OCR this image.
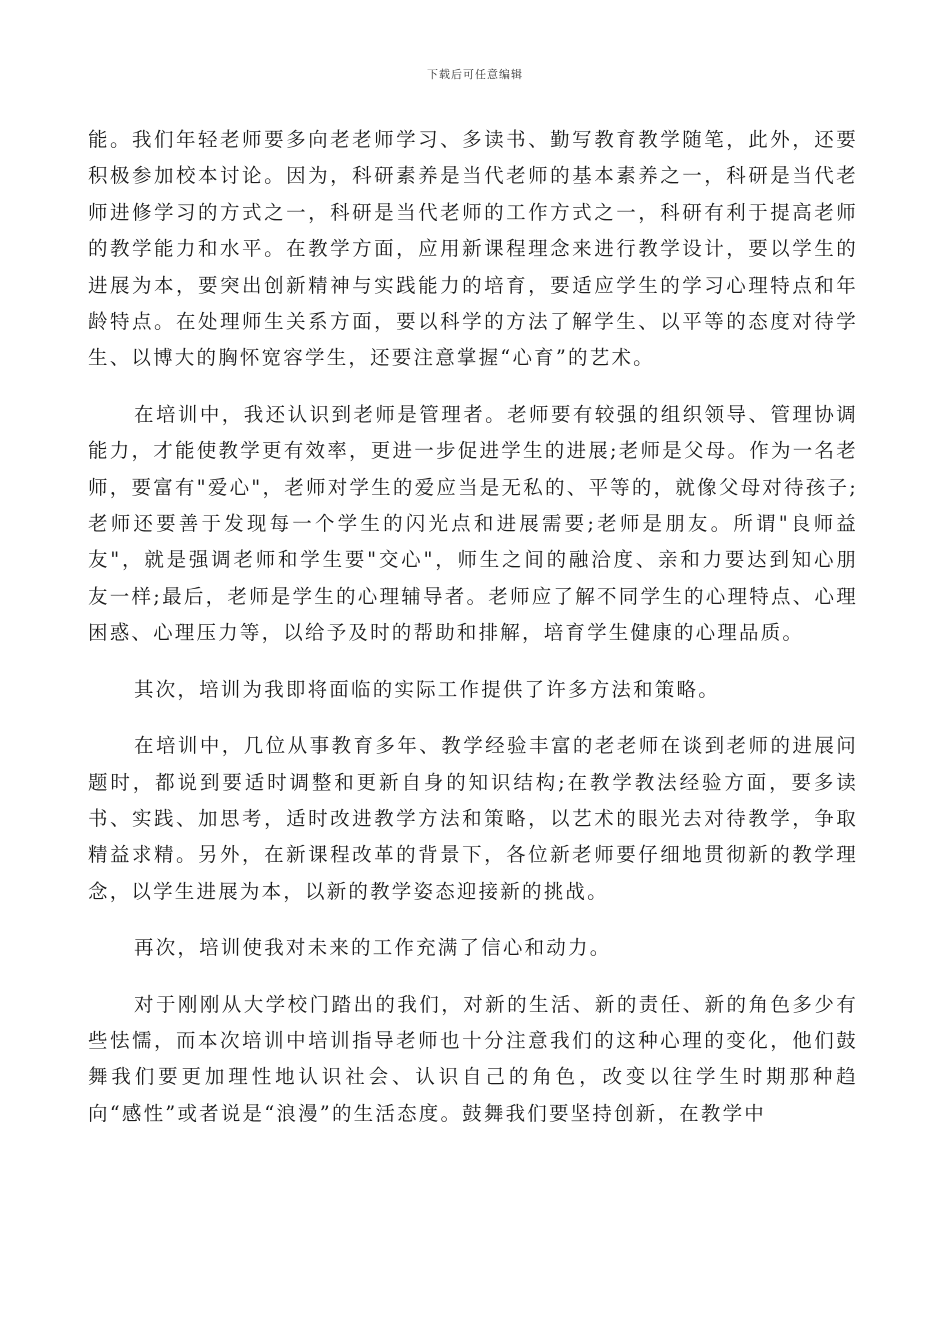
下载后可任意编辑

能。我们年轻老师要多向老老师学习、多读书、勤写教育教学随笔，此外，还要积极参加校本讨论。因为，科研素养是当代老师的基本素养之一，科研是当代老师进修学习的方式之一，科研是当代老师的工作方式之一，科研有利于提高老师的教学能力和水平。在教学方面，应用新课程理念来进行教学设计，要以学生的进展为本，要突出创新精神与实践能力的培育，要适应学生的学习心理特点和年龄特点。在处理师生关系方面，要以科学的方法了解学生、以平等的态度对待学生、以博大的胸怀宽容学生，还要注意掌握“心育”的艺术。

在培训中，我还认识到老师是管理者。老师要有较强的组织领导、管理协调能力，才能使教学更有效率，更进一步促进学生的进展;老师是父母。作为一名老师，要富有"爱心"，老师对学生的爱应当是无私的、平等的，就像父母对待孩子;老师还要善于发现每一个学生的闪光点和进展需要;老师是朋友。所谓"良师益友"，就是强调老师和学生要"交心"，师生之间的融洽度、亲和力要达到知心朋友一样;最后，老师是学生的心理辅导者。老师应了解不同学生的心理特点、心理困惑、心理压力等，以给予及时的帮助和排解，培育学生健康的心理品质。

其次，培训为我即将面临的实际工作提供了许多方法和策略。

在培训中，几位从事教育多年、教学经验丰富的老老师在谈到老师的进展问题时，都说到要适时调整和更新自身的知识结构;在教学教法经验方面，要多读书、实践、加思考，适时改进教学方法和策略，以艺术的眼光去对待教学，争取精益求精。另外，在新课程改革的背景下，各位新老师要仔细地贯彻新的教学理念，以学生进展为本，以新的教学姿态迎接新的挑战。

再次，培训使我对未来的工作充满了信心和动力。

对于刚刚从大学校门踏出的我们，对新的生活、新的责任、新的角色多少有些怯懦，而本次培训中培训指导老师也十分注意我们的这种心理的变化，他们鼓舞我们要更加理性地认识社会、认识自己的角色，改变以往学生时期那种趋向“感性”或者说是“浪漫”的生活态度。鼓舞我们要坚持创新，在教学中
